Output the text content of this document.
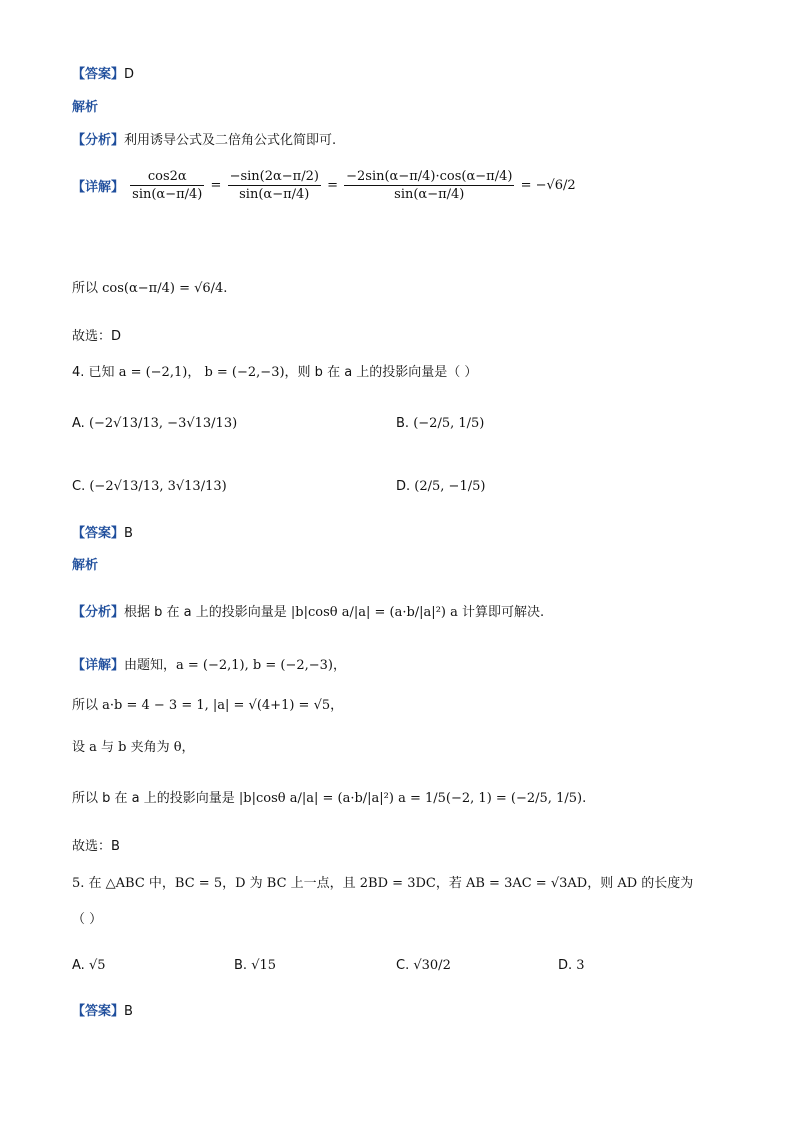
【答案】D
解析
【分析】利用诱导公式及二倍角公式化简即可.
【详解】 $\frac{\cos 2\alpha}{\sin(\alpha-\pi/4)} = \frac{-\sin(2\alpha-\pi/2)}{\sin(\alpha-\pi/4)} = \frac{-2\sin(\alpha-\pi/4)\cdot\cos(\alpha-\pi/4)}{\sin(\alpha-\pi/4)} = -√6/2$
所以 cos(α−π/4) = √6/4.
故选：D
4. 已知 a = (−2,1)， b = (−2,−3)，则 b 在 a 上的投影向量是（ ）
A. (−2√13/13, −3√13/13)	B. (−2/5, 1/5)
C. (−2√13/13, 3√13/13)	D. (2/5, −1/5)
【答案】B
解析
【分析】根据 b 在 a 上的投影向量是 |b|cosθ a/|a| = (a·b/|a|²) a 计算即可解决.
【详解】由题知，a = (−2,1), b = (−2,−3)，
所以 a·b = 4 − 3 = 1, |a| = √(4+1) = √5，
设 a 与 b 夹角为 θ，
所以 b 在 a 上的投影向量是 |b|cosθ a/|a| = (a·b/|a|²) a = 1/5(−2, 1) = (−2/5, 1/5).
故选：B
5. 在 △ABC 中，BC = 5，D 为 BC 上一点，且 2BD = 3DC，若 AB = 3AC = √3AD，则 AD 的长度为
（ ）
A. √5	B. √15	C. √30/2	D. 3
【答案】B
